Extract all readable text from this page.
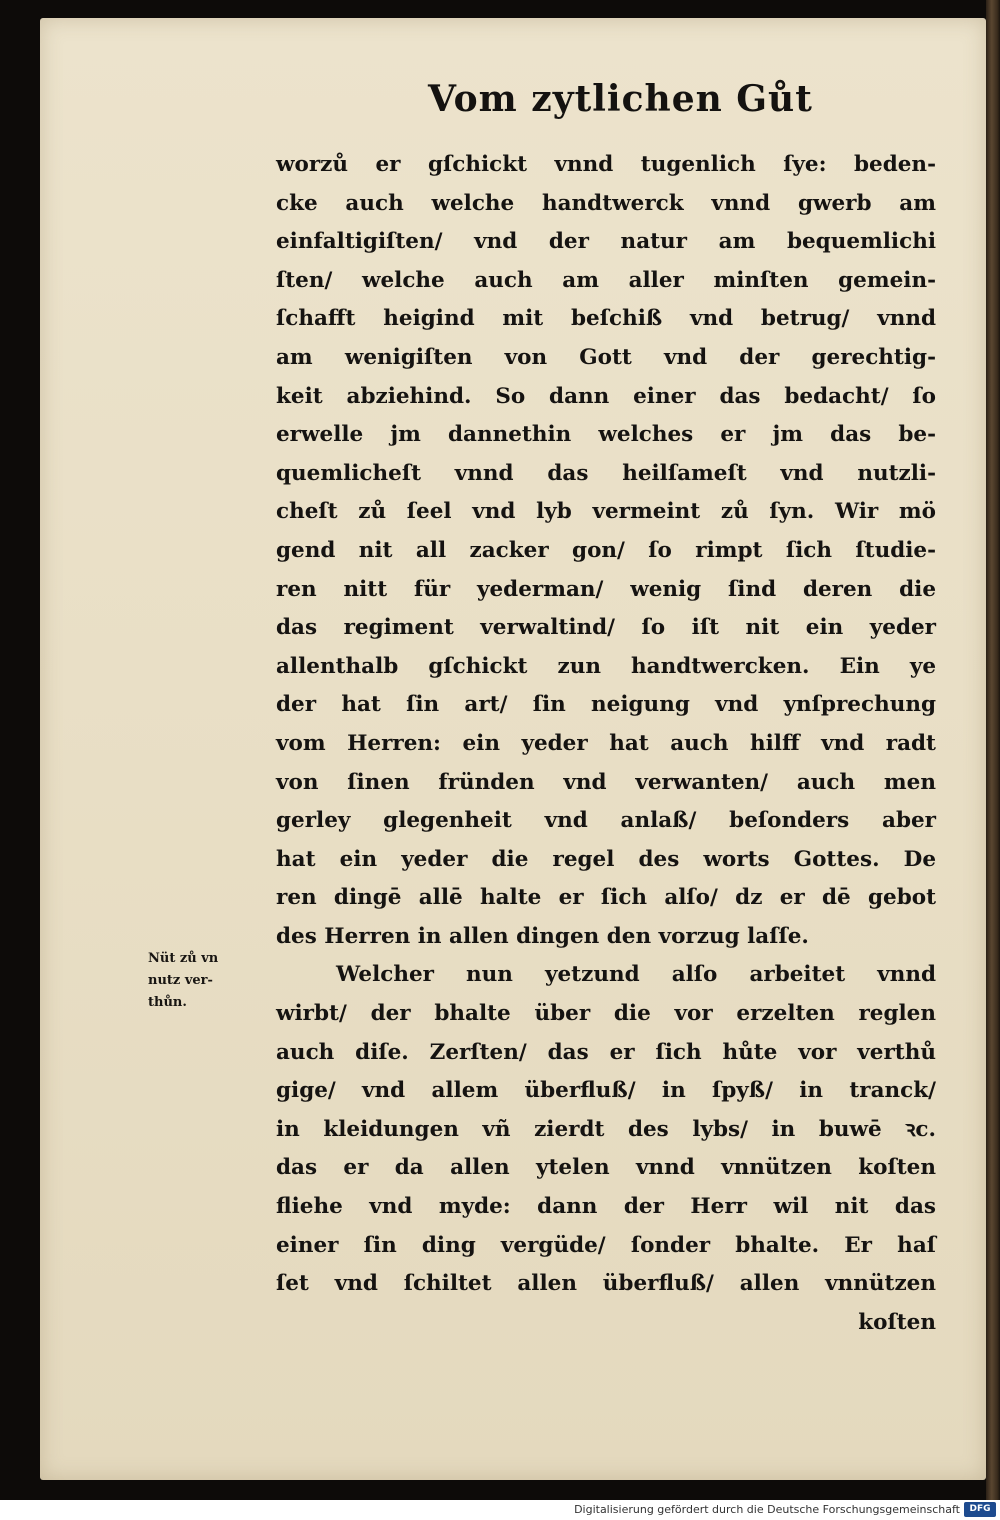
Vom zytlichen Gůt
worzů er gſchickt vnnd tugenlich ſye: beden-
cke auch welche handtwerck vnnd gwerb am
einfaltigiſten/ vnd der natur am bequemlichi
ſten/ welche auch am aller minſten gemein-
ſchafft heigind mit beſchiß vnd betrug/ vnnd
am wenigiſten von Gott vnd der gerechtig-
keit abziehind. So dann einer das bedacht/ ſo
erwelle jm dannethin welches er jm das be-
quemlicheſt vnnd das heilſameſt vnd nutzli-
cheſt zů ſeel vnd lyb vermeint zů ſyn. Wir mö
gend nit all zacker gon/ ſo rimpt ſich ſtudie-
ren nitt für yederman/ wenig ſind deren die
das regiment verwaltind/ ſo iſt nit ein yeder
allenthalb gſchickt zun handtwercken. Ein ye
der hat ſin art/ ſin neigung vnd ynſprechung
vom Herren: ein yeder hat auch hilff vnd radt
von ſinen fründen vnd verwanten/ auch men
gerley glegenheit vnd anlaß/ beſonders aber
hat ein yeder die regel des worts Gottes. De
ren dingē allē halte er ſich alſo/ dz er dē gebot
des Herren in allen dingen den vorzug laſſe.
Welcher nun yetzund alſo arbeitet vnnd
wirbt/ der bhalte über die vor erzelten reglen
auch diſe. Zerſten/ das er ſich hůte vor verthů
gige/ vnd allem überfluß/ in ſpyß/ in tranck/
in kleidungen vñ zierdt des lybs/ in buwē ꝛc.
das er da allen ytelen vnnd vnnützen koſten
fliehe vnd myde: dann der Herr wil nit das
einer ſin ding vergüde/ ſonder bhalte. Er haſ
ſet vnd ſchiltet allen überfluß/ allen vnnützen
koſten
Nüt zů vn
nutz ver-
thůn.
Digitalisierung gefördert durch die Deutsche Forschungsgemeinschaft	DFG
